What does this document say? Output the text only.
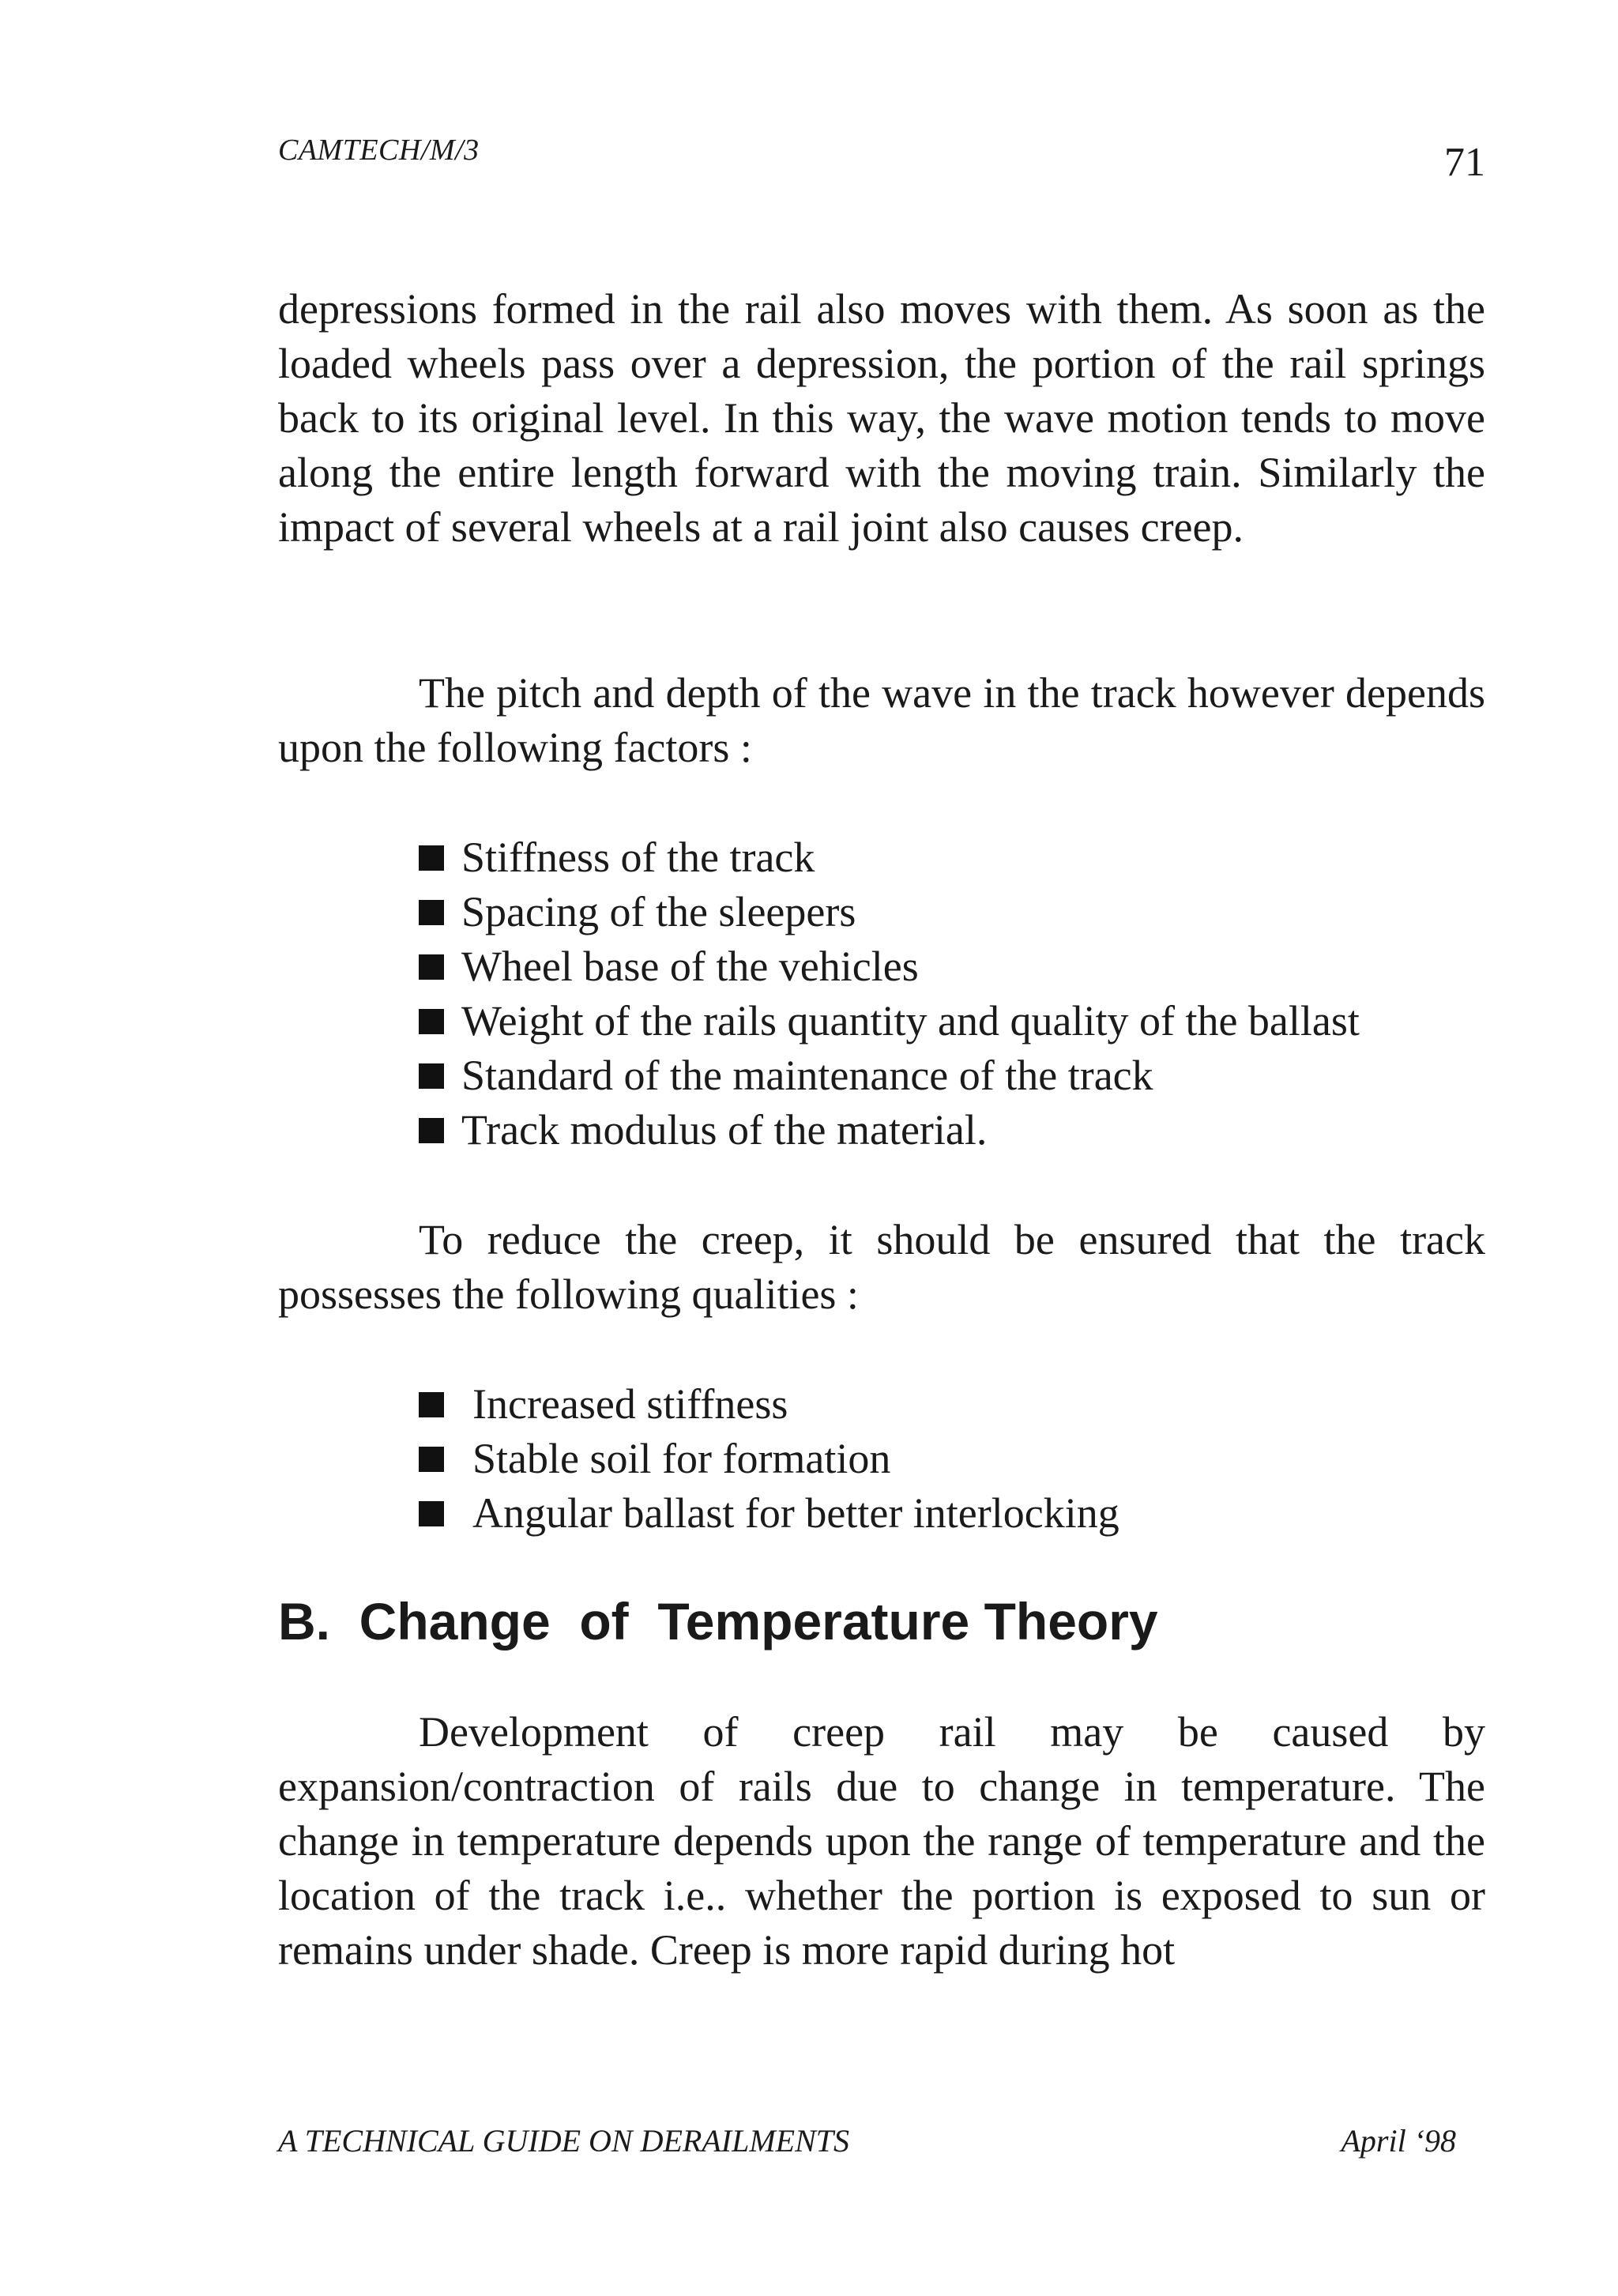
CAMTECH/M/3	71

depressions formed in the rail also moves with them. As soon as the loaded wheels pass over a depression, the portion of the rail springs back to its original level. In this way, the wave motion tends to move along the entire length forward with the moving train. Similarly the impact of several wheels at a rail joint also causes creep.

The pitch and depth of the wave in the track however depends upon the following factors :

Stiffness of the track
Spacing of the sleepers
Wheel base of the vehicles
Weight of the rails quantity and quality of the ballast
Standard of the maintenance of the track
Track modulus of the material.

To reduce the creep, it should be ensured that the track possesses the following qualities :

Increased stiffness
Stable soil for formation
Angular ballast for better interlocking
B.  Change  of  Temperature Theory

Development of creep rail may be caused by expansion/contraction of rails due to change in temperature. The change in temperature depends upon the range of temperature and the location of the track i.e.. whether the portion is exposed to sun or remains under shade. Creep is more rapid during hot

A TECHNICAL GUIDE ON DERAILMENTS	April ‘98
